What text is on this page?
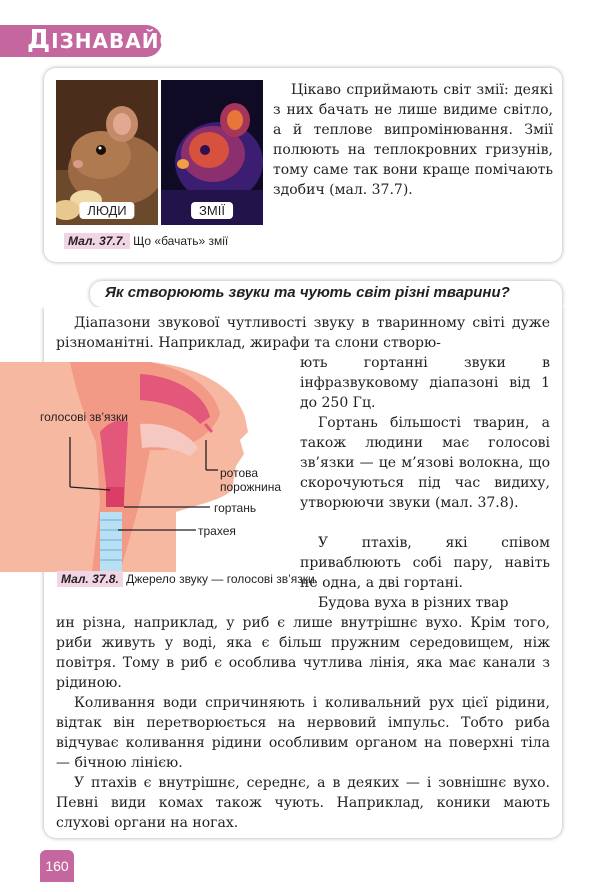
ДІЗНАВАЙСЯ
ЛЮДИ	ЗМІЇ
Мал. 37.7. Що «бачать» змії
Цікаво сприймають світ змії: деякі з них бачать не лише видиме світло, а й теплове випромінювання. Змії полюють на теплокровних гризунів, тому саме так вони краще помічають здобич (мал. 37.7).
Як створюють звуки та чують світ різні тварини?
Діапазони звукової чутливості звуку в тваринному світі дуже різноманітні. Наприклад, жирафи та слони створю-
ють гортанні звуки в інфразвуковому діапазоні від 1 до 250 Гц.
Гортань більшості тварин, а також людини має голосові зв’язки — це м’язові волокна, що скорочуються під час видиху, утворюючи звуки (мал. 37.8).
У птахів, які співом приваблюють собі пару, навіть не одна, а дві гортані.
Будова вуха в різних твар
ин різна, наприклад, у риб є лише внутрішнє вухо. Крім того, риби живуть у воді, яка є більш пружним середовищем, ніж повітря. Тому в риб є особлива чутлива лінія, яка має канали з рідиною.
Коливання води спричиняють і коливальний рух цієї рідини, відтак він перетворюється на нервовий імпульс. Тобто риба відчуває коливання рідини особливим органом на поверхні тіла — бічною лінією.
У птахів є внутрішнє, середнє, а в деяких — і зовнішнє вухо. Певні види комах також чують. Наприклад, коники мають слухові органи на ногах.
голосові зв’язки
ротова порожнина
гортань
трахея
Мал. 37.8. Джерело звуку — голосові зв’язки
160
